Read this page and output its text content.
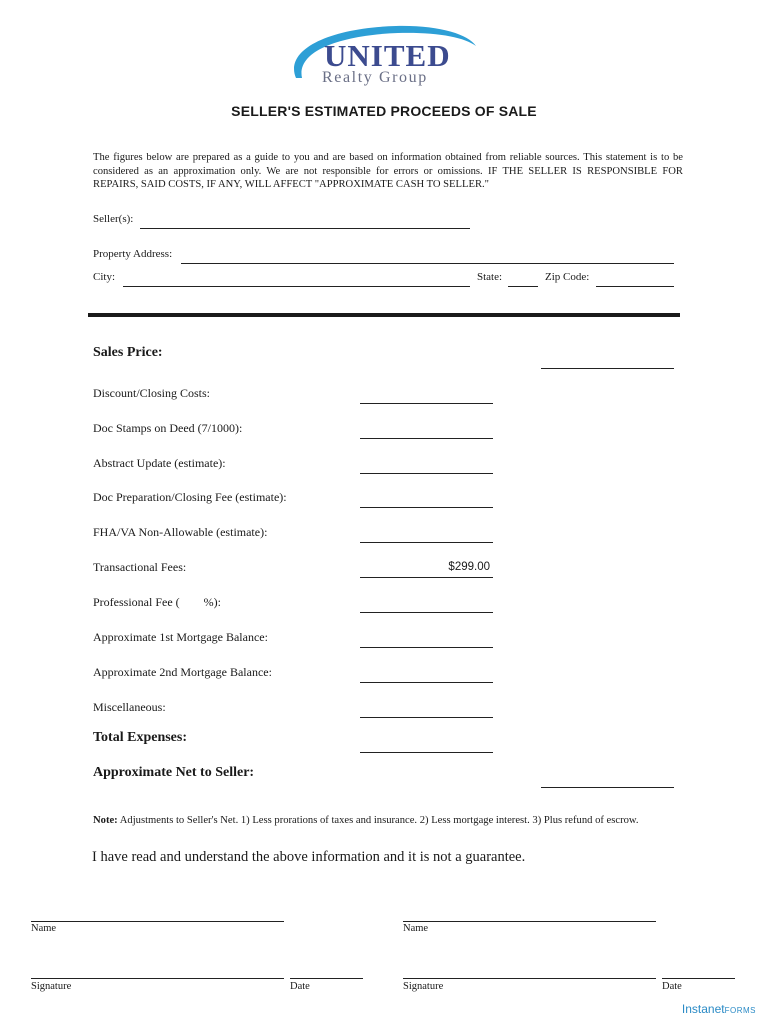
UNITED
Realty Group
SELLER'S ESTIMATED PROCEEDS OF SALE
The figures below are prepared as a guide to you and are based on information obtained from reliable sources. This statement is to be considered as an approximation only. We are not responsible for errors or omissions. IF THE SELLER IS RESPONSIBLE FOR REPAIRS, SAID COSTS, IF ANY, WILL AFFECT "APPROXIMATE CASH TO SELLER."
Seller(s):
Property Address:
City:	State:	Zip Code:
Sales Price:
Discount/Closing Costs:
Doc Stamps on Deed (7/1000):
Abstract Update (estimate):
Doc Preparation/Closing Fee (estimate):
FHA/VA Non-Allowable (estimate):
Transactional Fees:	$299.00
Professional Fee (        %):
Approximate 1st Mortgage Balance:
Approximate 2nd Mortgage Balance:
Miscellaneous:
Total Expenses:
Approximate Net to Seller:
Note: Adjustments to Seller's Net. 1) Less prorations of taxes and insurance. 2) Less mortgage interest. 3) Plus refund of escrow.
I have read and understand the above information and it is not a guarantee.
Name
Signature	Date
Name
Signature	Date
InstanetFORMS
